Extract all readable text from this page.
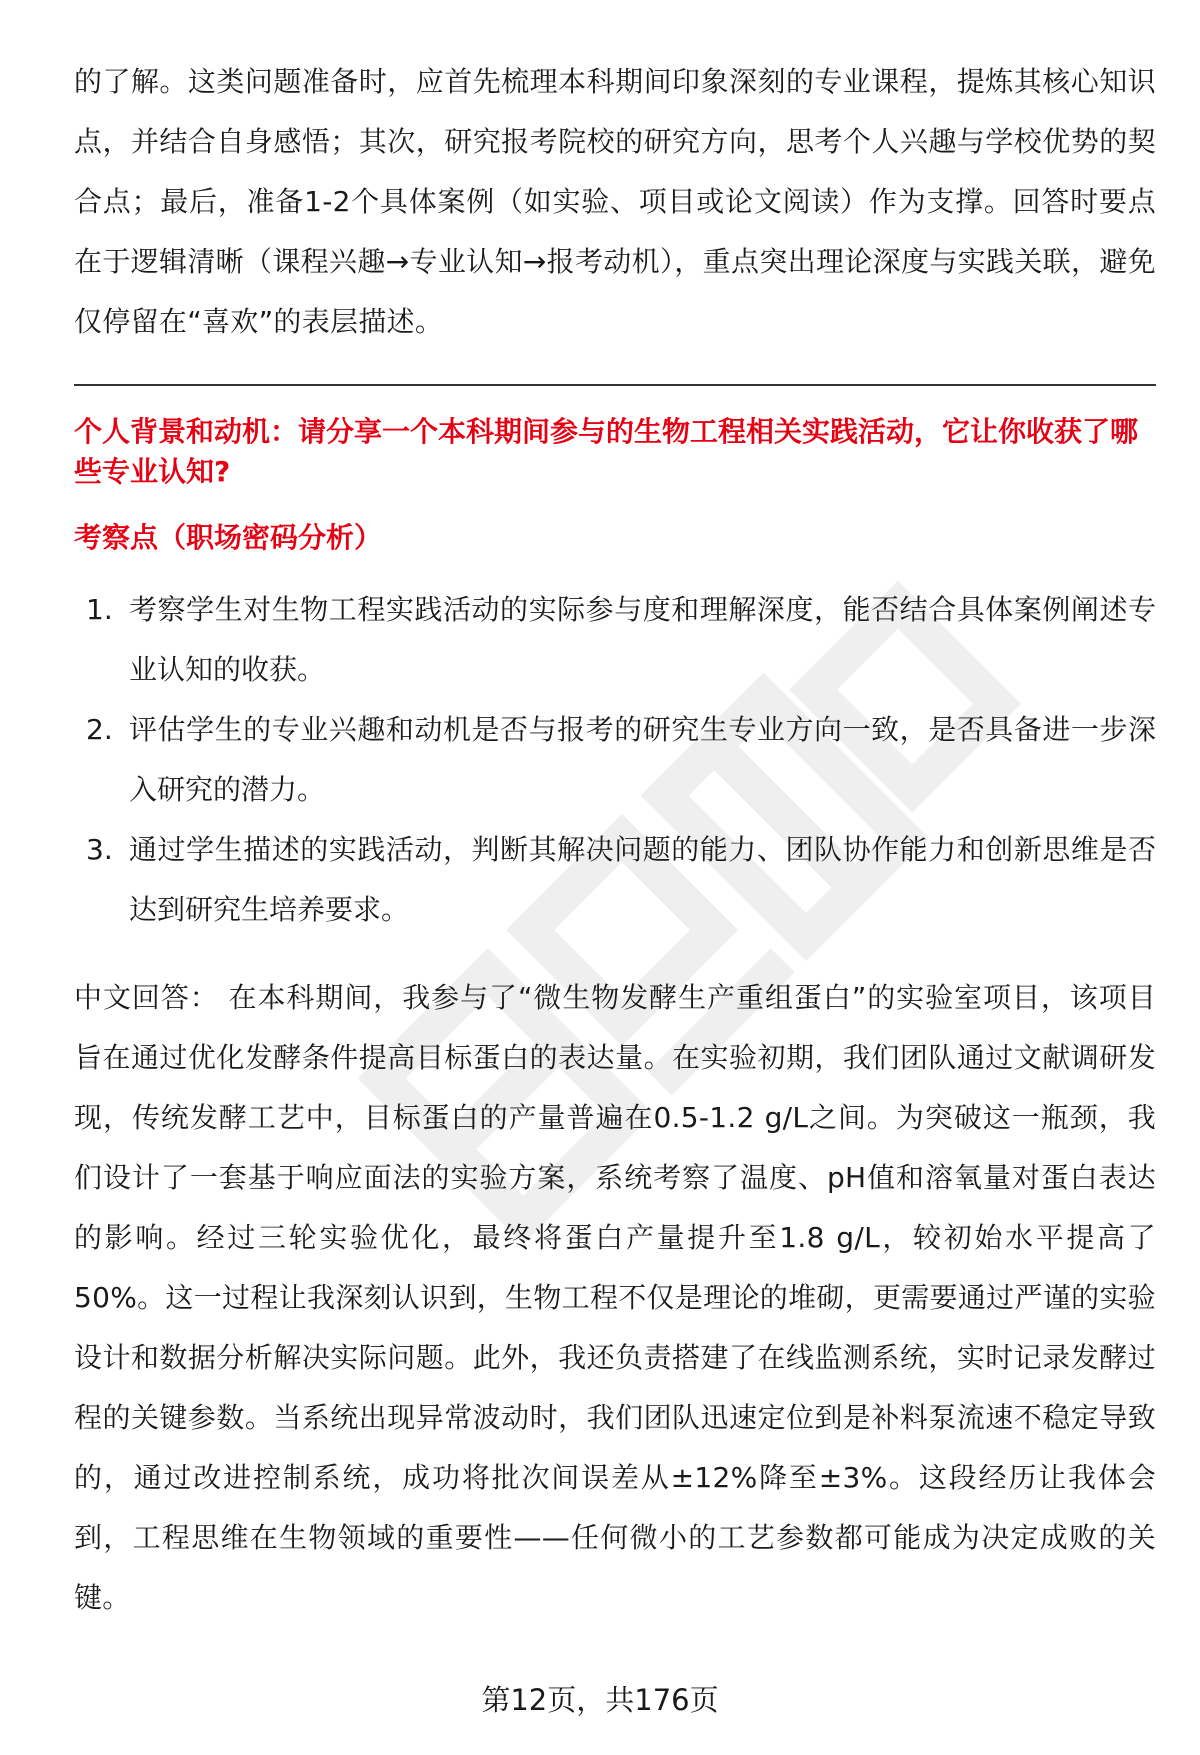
的了解。这类问题准备时，应首先梳理本科期间印象深刻的专业课程，提炼其核心知识点，并结合自身感悟；其次，研究报考院校的研究方向，思考个人兴趣与学校优势的契合点；最后，准备1-2个具体案例（如实验、项目或论文阅读）作为支撑。回答时要点在于逻辑清晰（课程兴趣→专业认知→报考动机），重点突出理论深度与实践关联，避免仅停留在“喜欢”的表层描述。

个人背景和动机：请分享一个本科期间参与的生物工程相关实践活动，它让你收获了哪些专业认知?

考察点（职场密码分析）

1. 考察学生对生物工程实践活动的实际参与度和理解深度，能否结合具体案例阐述专业认知的收获。
2. 评估学生的专业兴趣和动机是否与报考的研究生专业方向一致，是否具备进一步深入研究的潜力。
3. 通过学生描述的实践活动，判断其解决问题的能力、团队协作能力和创新思维是否达到研究生培养要求。

中文回答： 在本科期间，我参与了“微生物发酵生产重组蛋白”的实验室项目，该项目旨在通过优化发酵条件提高目标蛋白的表达量。在实验初期，我们团队通过文献调研发现，传统发酵工艺中，目标蛋白的产量普遍在0.5-1.2 g/L之间。为突破这一瓶颈，我们设计了一套基于响应面法的实验方案，系统考察了温度、pH值和溶氧量对蛋白表达的影响。经过三轮实验优化，最终将蛋白产量提升至1.8 g/L，较初始水平提高了50%。这一过程让我深刻认识到，生物工程不仅是理论的堆砌，更需要通过严谨的实验设计和数据分析解决实际问题。此外，我还负责搭建了在线监测系统，实时记录发酵过程的关键参数。当系统出现异常波动时，我们团队迅速定位到是补料泵流速不稳定导致的，通过改进控制系统，成功将批次间误差从±12%降至±3%。这段经历让我体会到，工程思维在生物领域的重要性——任何微小的工艺参数都可能成为决定成败的关键。

第12页，共176页
